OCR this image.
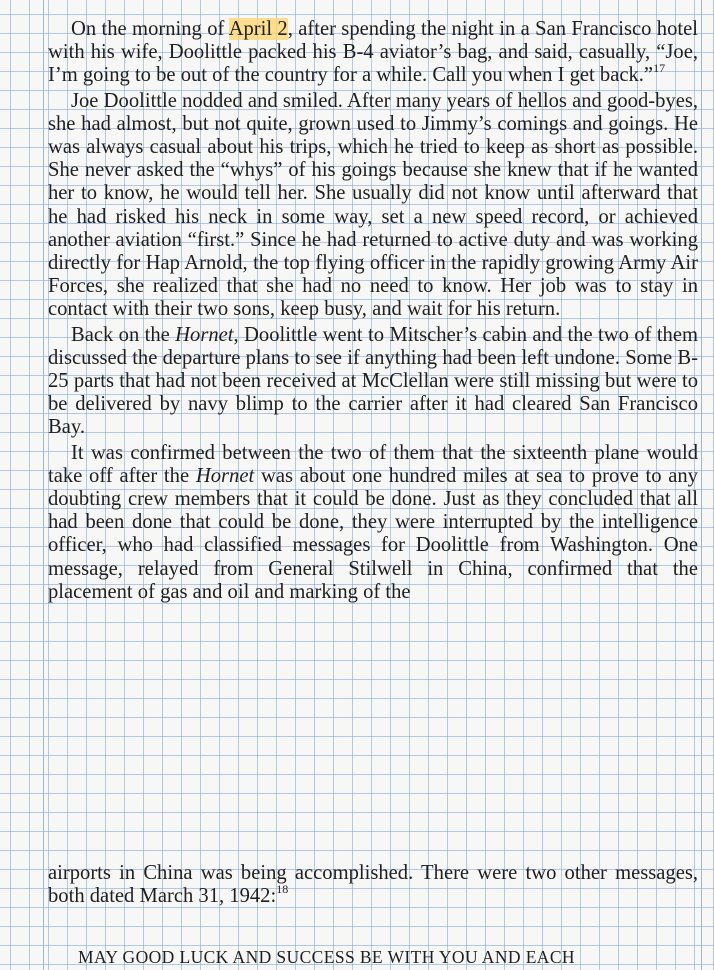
On the morning of April 2, after spending the night in a San Francisco hotel with his wife, Doolittle packed his B-4 aviator’s bag, and said, casually, “Joe, I’m going to be out of the country for a while. Call you when I get back.”$^{17}$

Joe Doolittle nodded and smiled. After many years of hellos and good-byes, she had almost, but not quite, grown used to Jimmy’s comings and goings. He was always casual about his trips, which he tried to keep as short as possible. She never asked the “whys” of his goings because she knew that if he wanted her to know, he would tell her. She usually did not know until afterward that he had risked his neck in some way, set a new speed record, or achieved another aviation “first.” Since he had returned to active duty and was working directly for Hap Arnold, the top flying officer in the rapidly growing Army Air Forces, she realized that she had no need to know. Her job was to stay in contact with their two sons, keep busy, and wait for his return.

Back on the Hornet, Doolittle went to Mitscher’s cabin and the two of them discussed the departure plans to see if anything had been left undone. Some B-25 parts that had not been received at McClellan were still missing but were to be delivered by navy blimp to the carrier after it had cleared San Francisco Bay.

It was confirmed between the two of them that the sixteenth plane would take off after the Hornet was about one hundred miles at sea to prove to any doubting crew members that it could be done. Just as they concluded that all had been done that could be done, they were interrupted by the intelligence officer, who had classified messages for Doolittle from Washington. One message, relayed from General Stilwell in China, confirmed that the placement of gas and oil and marking of the

airports in China was being accomplished. There were two other messages, both dated March 31, 1942:$^{18}$

MAY GOOD LUCK AND SUCCESS BE WITH YOU AND EACH
